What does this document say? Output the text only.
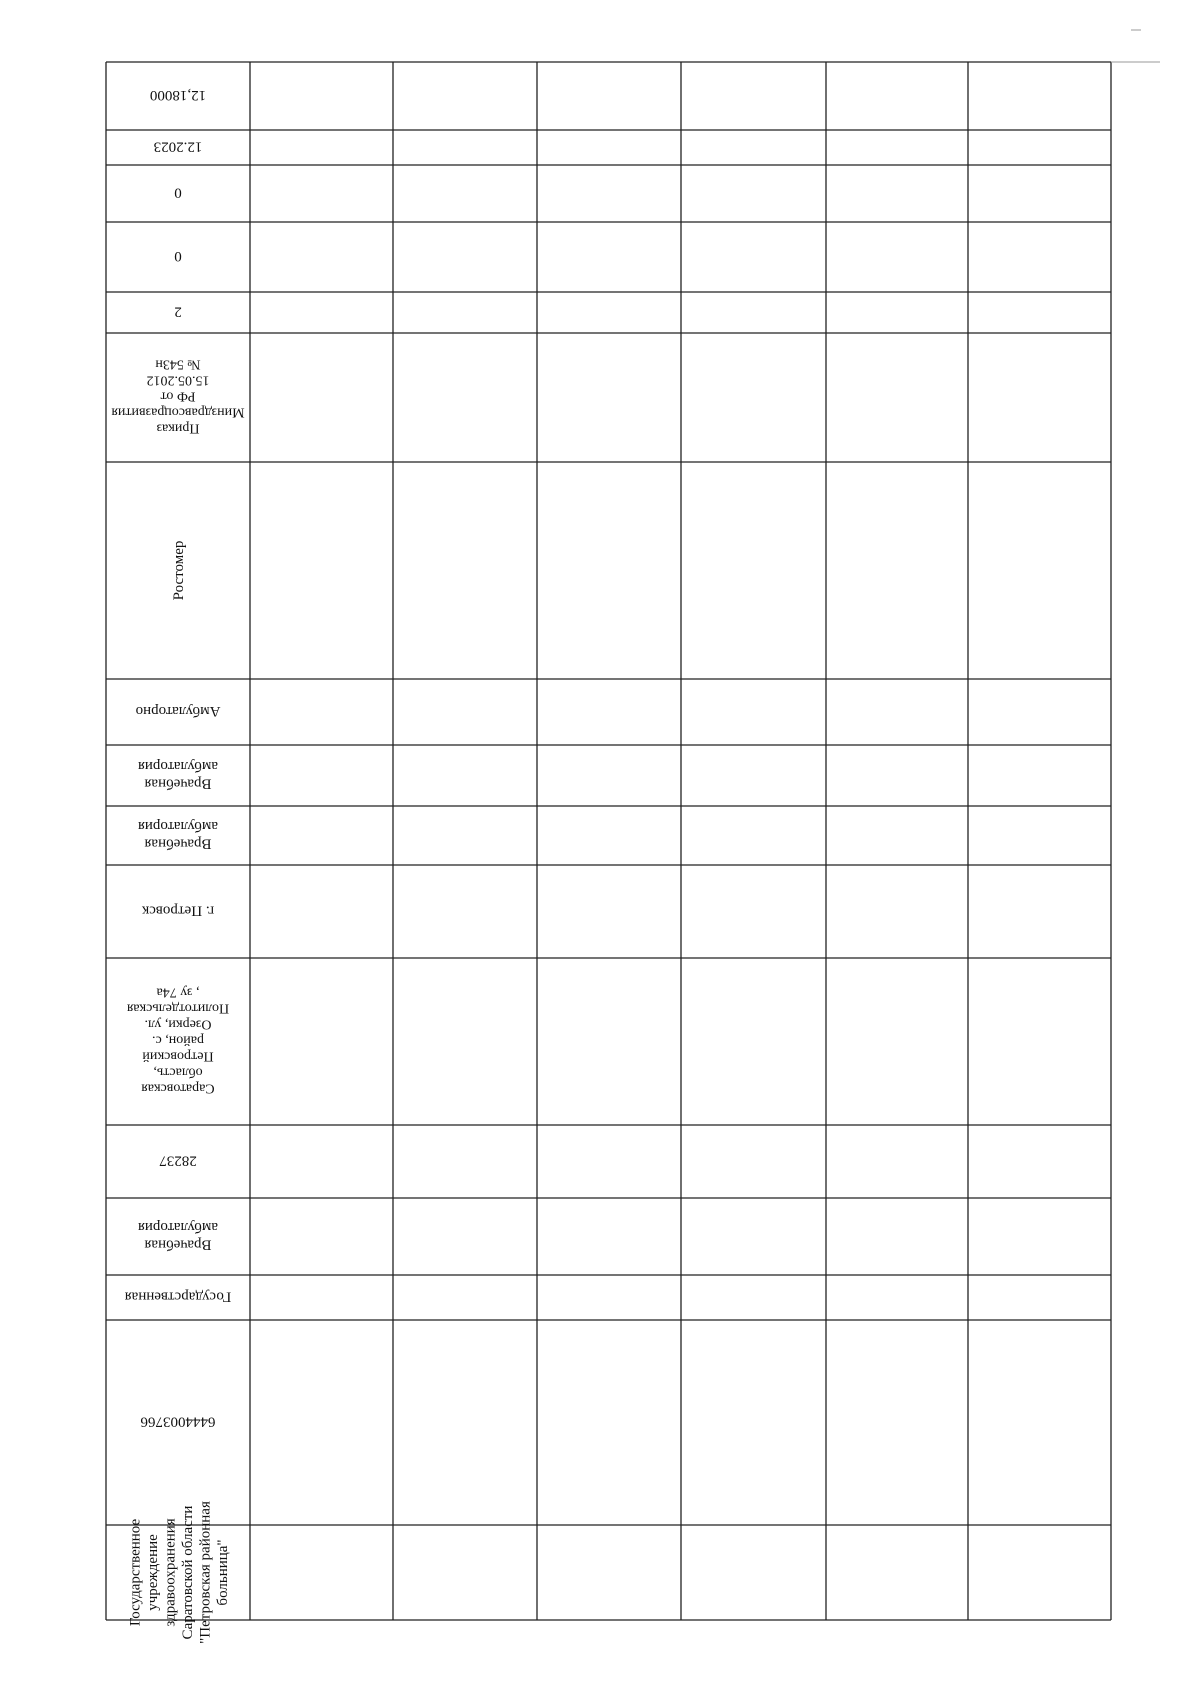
12,18000
12.2023
0
0
2
ПриказМинздравсоцразвитияРФ от15.05.2012№ 543н
Ростомер
Амбулаторно
Врачебнаяамбулатория
Врачебнаяамбулатория
г. Петровск
Саратовскаяобласть,Петровскийрайон, с.Озерки, ул.Политотдельская, зу 74а
28237
Врачебнаяамбулатория
Государственная
6444003766
Государственное учреждение здравоохранения Саратовской области "Петровская районная больница"
